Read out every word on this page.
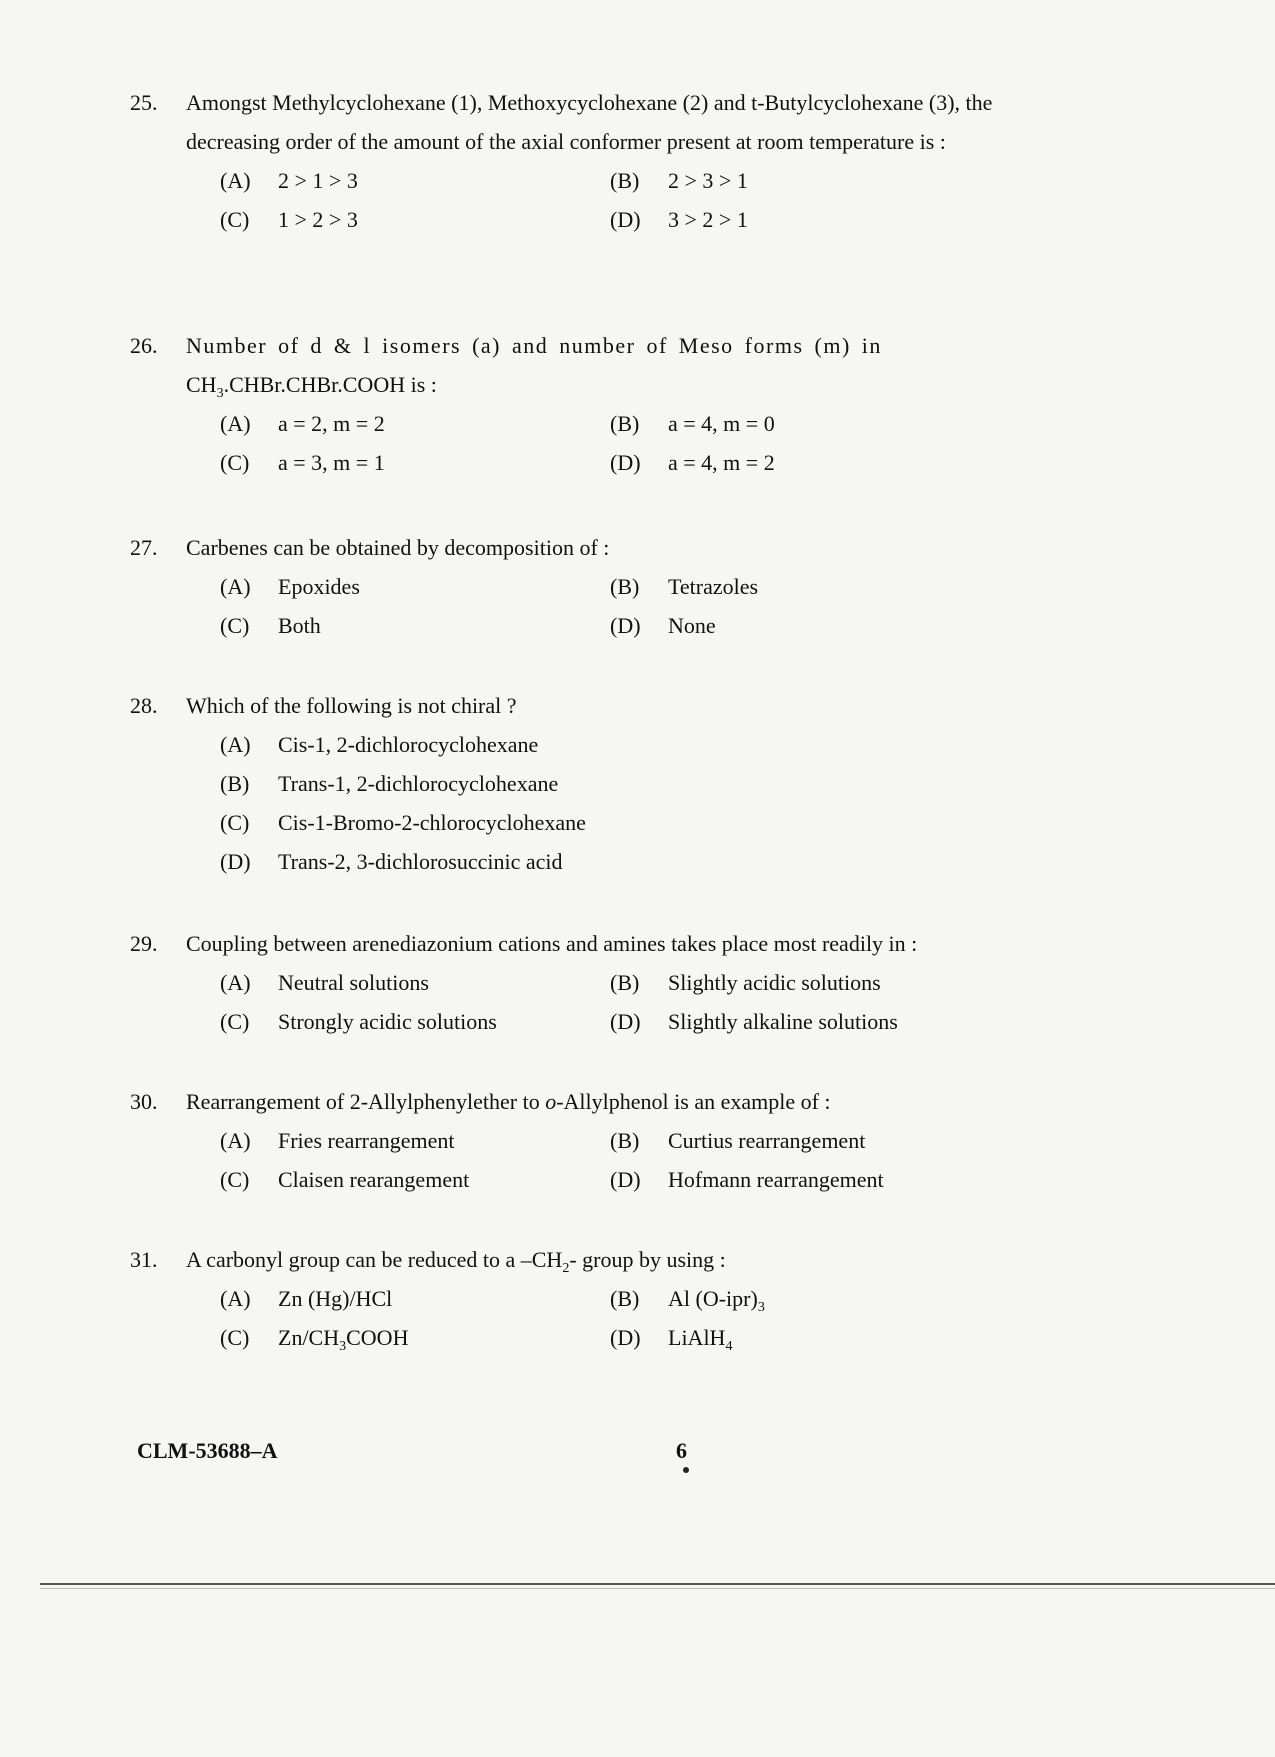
25.	Amongst Methylcyclohexane (1), Methoxycyclohexane (2) and t-Butylcyclohexane (3), the decreasing order of the amount of the axial conformer present at room temperature is :
(A)	2 > 1 > 3	(B)	2 > 3 > 1
(C)	1 > 2 > 3	(D)	3 > 2 > 1
26.	Number of d & l isomers (a) and number of Meso forms (m) in
$CH_3.CHBr.CHBr.COOH$ is :
(A)	a = 2, m = 2	(B)	a = 4, m = 0
(C)	a = 3, m = 1	(D)	a = 4, m = 2
27.	Carbenes can be obtained by decomposition of :
(A)	Epoxides	(B)	Tetrazoles
(C)	Both	(D)	None
28.	Which of the following is not chiral ?
(A)	Cis-1, 2-dichlorocyclohexane
(B)	Trans-1, 2-dichlorocyclohexane
(C)	Cis-1-Bromo-2-chlorocyclohexane
(D)	Trans-2, 3-dichlorosuccinic acid
29.	Coupling between arenediazonium cations and amines takes place most readily in :
(A)	Neutral solutions	(B)	Slightly acidic solutions
(C)	Strongly acidic solutions	(D)	Slightly alkaline solutions
30.	Rearrangement of 2-Allylphenylether to o-Allylphenol is an example of :
(A)	Fries rearrangement	(B)	Curtius rearrangement
(C)	Claisen rearangement	(D)	Hofmann rearrangement
31.	A carbonyl group can be reduced to a $-CH_2-$ group by using :
(A)	Zn (Hg)/HCl	(B)	Al $(O-ipr)_3$
(C)	$Zn/CH_3COOH$	(D)	LiAlH$_4$
CLM-53688–A	6
